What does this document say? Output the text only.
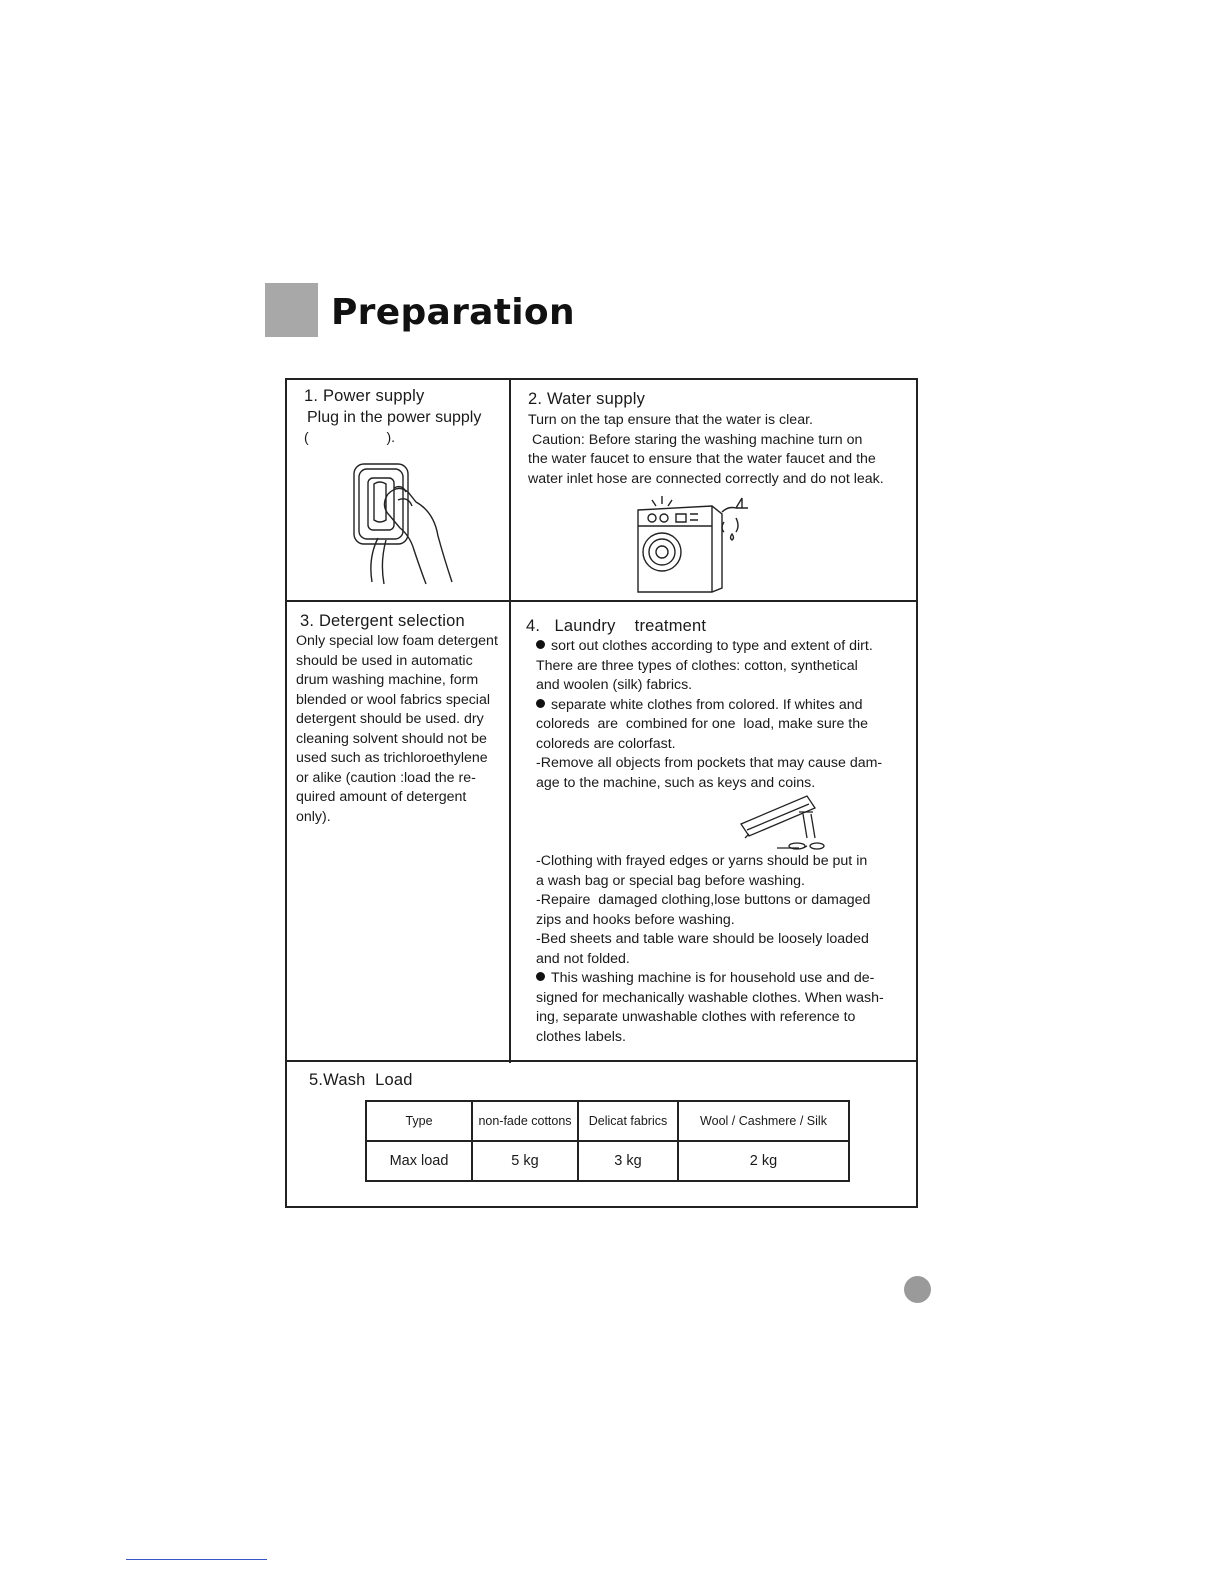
Preparation
1. Power supply
Plug in the power supply
(                    ).
2. Water supply
Turn on the tap ensure that the water is clear.
Caution: Before staring the washing machine turn on
the water faucet to ensure that the water faucet and the
water inlet hose are connected correctly and do not leak.
3. Detergent selection
Only special low foam detergent
should be used in automatic
drum washing machine, form
blended or wool fabrics special
detergent should be used. dry
cleaning solvent should not be
used such as trichloroethylene
or alike (caution :load the re-
quired amount of detergent
only).
4.   Laundry    treatment
sort out clothes according to type and extent of dirt.
There are three types of clothes: cotton, synthetical
and woolen (silk) fabrics.
separate white clothes from colored. If whites and
coloreds  are  combined for one  load, make sure the
coloreds are colorfast.
-Remove all objects from pockets that may cause dam-
age to the machine, such as keys and coins.
-Clothing with frayed edges or yarns should be put in
a wash bag or special bag before washing.
-Repaire  damaged clothing,lose buttons or damaged
zips and hooks before washing.
-Bed sheets and table ware should be loosely loaded
and not folded.
This washing machine is for household use and de-
signed for mechanically washable clothes. When wash-
ing, separate unwashable clothes with reference to
clothes labels.
5.Wash  Load
Type	non-fade cottons	Delicat fabrics	Wool / Cashmere / Silk
Max load	5 kg	3 kg	2 kg
